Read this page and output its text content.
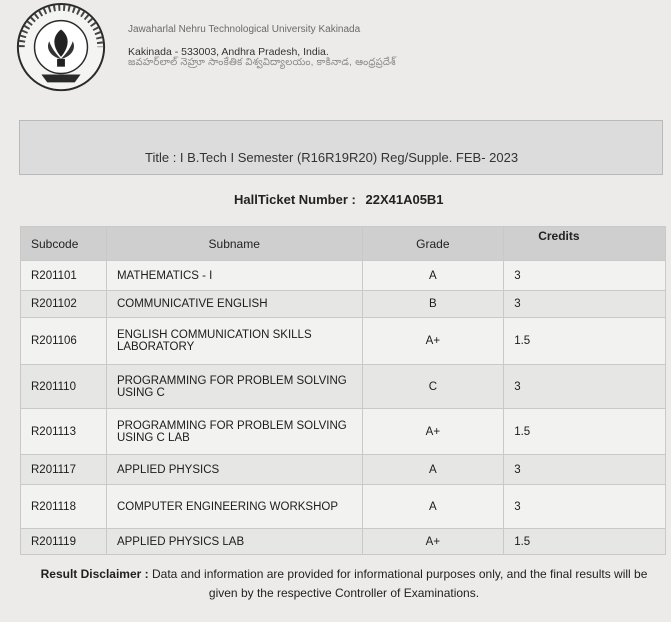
Jawaharlal Nehru Technological University Kakinada
Kakinada - 533003, Andhra Pradesh, India.
జవహర్‌లాల్ నెహ్రూ సాంకేతిక విశ్వవిద్యాలయం, కాకినాడ, ఆంధ్రప్రదేశ్
Title : I B.Tech I Semester (R16R19R20) Reg/Supple. FEB- 2023
HallTicket Number : 22X41A05B1
Subcode	Subname	Grade	Credits
R201101	MATHEMATICS - I	A	3
R201102	COMMUNICATIVE ENGLISH	B	3
R201106	ENGLISH COMMUNICATION SKILLS LABORATORY	A+	1.5
R201110	PROGRAMMING FOR PROBLEM SOLVING USING C	C	3
R201113	PROGRAMMING FOR PROBLEM SOLVING USING C LAB	A+	1.5
R201117	APPLIED PHYSICS	A	3
R201118	COMPUTER ENGINEERING WORKSHOP	A	3
R201119	APPLIED PHYSICS LAB	A+	1.5
Result Disclaimer : Data and information are provided for informational purposes only, and the final results will be given by the respective Controller of Examinations.
